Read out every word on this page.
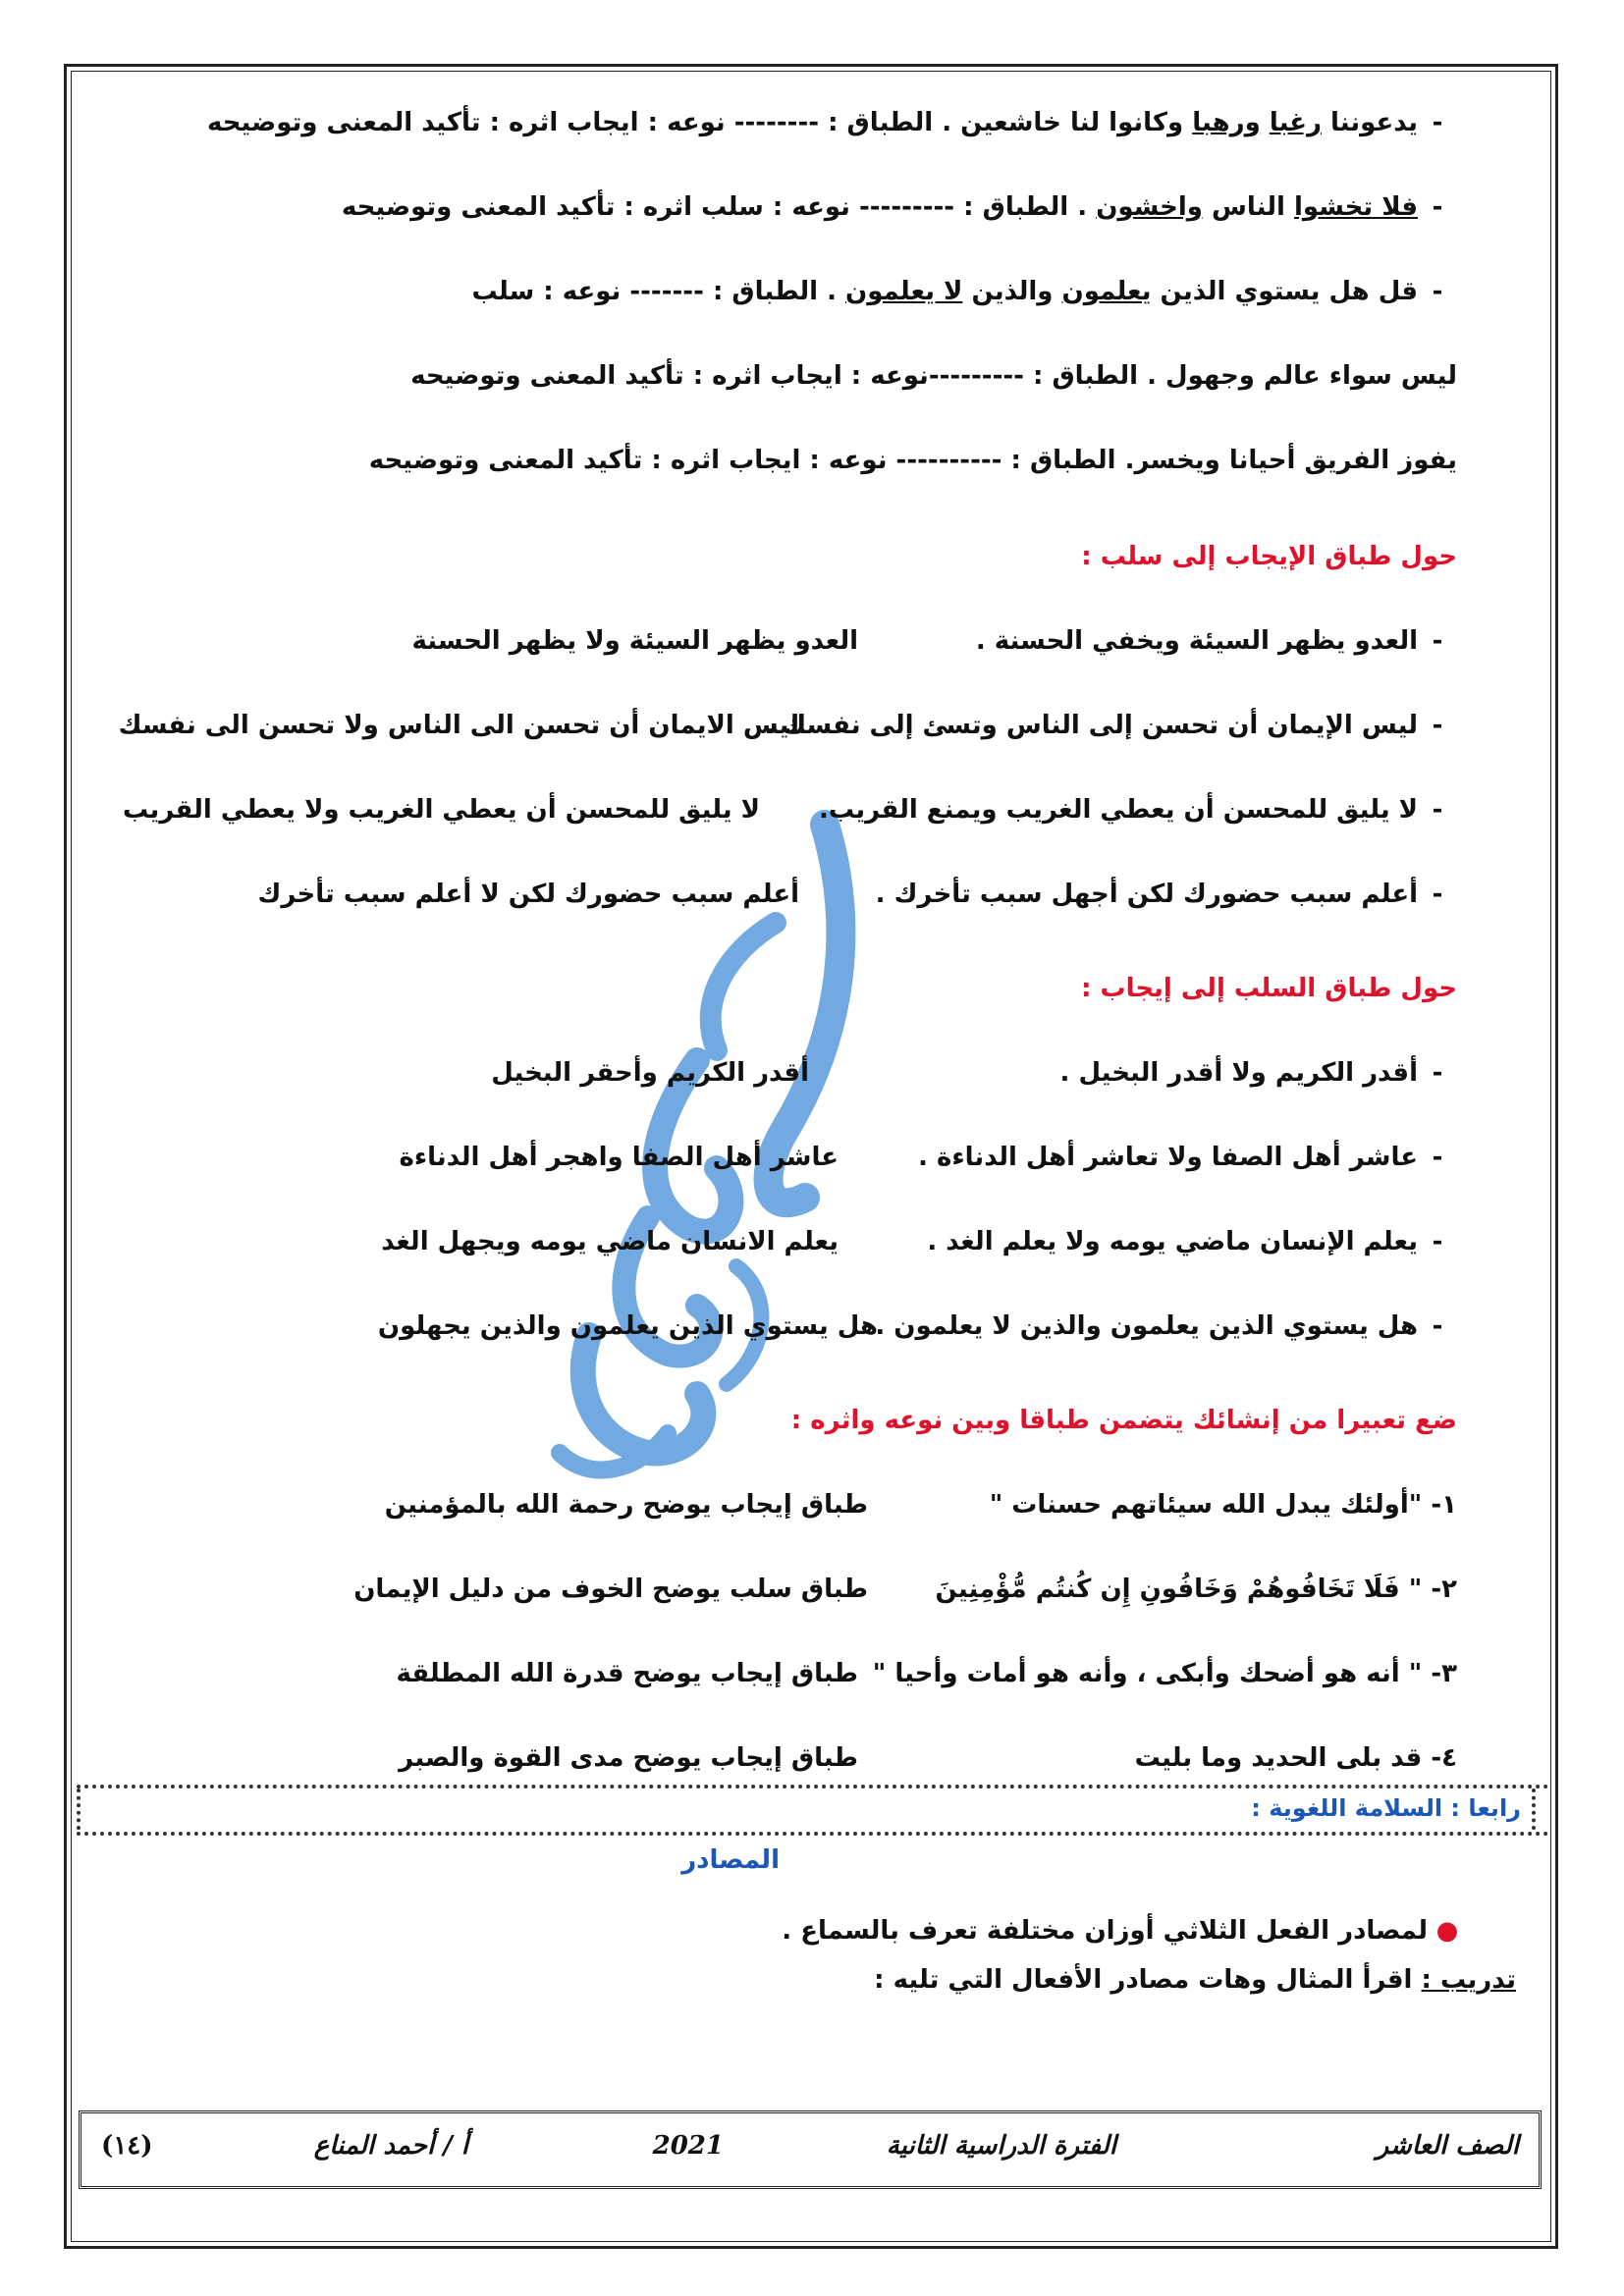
-يدعوننا رغبا ورهبا وكانوا لنا خاشعين . الطباق : -------- نوعه : ايجاب اثره : تأكيد المعنى وتوضيحه
-فلا تخشوا الناس واخشون . الطباق : --------- نوعه : سلب اثره : تأكيد المعنى وتوضيحه
-قل هل يستوي الذين يعلمون والذين لا يعلمون . الطباق : ------- نوعه : سلب
ليس سواء عالم وجهول . الطباق : ---------نوعه : ايجاب اثره : تأكيد المعنى وتوضيحه
يفوز الفريق أحيانا ويخسر. الطباق : ---------- نوعه : ايجاب اثره : تأكيد المعنى وتوضيحه
حول طباق الإيجاب إلى سلب :
-العدو يظهر السيئة ويخفي الحسنة .
العدو يظهر السيئة ولا يظهر الحسنة
-ليس الإيمان أن تحسن إلى الناس وتسئ إلى نفسك .
ليس الايمان أن تحسن الى الناس ولا تحسن الى نفسك
-لا يليق للمحسن أن يعطي الغريب ويمنع القريب.
لا يليق للمحسن أن يعطي الغريب ولا يعطي القريب
-أعلم سبب حضورك لكن أجهل سبب تأخرك .
أعلم سبب حضورك لكن لا أعلم سبب تأخرك
حول طباق السلب إلى إيجاب :
-أقدر الكريم ولا أقدر البخيل .
أقدر الكريم وأحقر البخيل
-عاشر أهل الصفا ولا تعاشر أهل الدناءة .
عاشر أهل الصفا واهجر أهل الدناءة
-يعلم الإنسان ماضي يومه ولا يعلم الغد .
يعلم الانسان ماضي يومه ويجهل الغد
-هل يستوي الذين يعلمون والذين لا يعلمون .
هل يستوي الذين يعلمون والذين يجهلون
ضع تعبيرا من إنشائك يتضمن طباقا وبين نوعه واثره :
١- "أولئك يبدل الله سيئاتهم حسنات "
طباق إيجاب يوضح رحمة الله بالمؤمنين
٢- " فَلَا تَخَافُوهُمْ وَخَافُونِ إِن كُنتُم مُّؤْمِنِينَ
طباق سلب يوضح الخوف من دليل الإيمان
٣- " أنه هو أضحك وأبكى ، وأنه هو أمات وأحيا "
طباق إيجاب يوضح قدرة الله المطلقة
٤- قد بلى الحديد وما بليت
طباق إيجاب يوضح مدى القوة والصبر
رابعا : السلامة اللغوية :
المصادر
●لمصادر الفعل الثلاثي أوزان مختلفة تعرف بالسماع .
تدريب : اقرأ المثال وهات مصادر الأفعال التي تليه :
الصف العاشر
الفترة الدراسية الثانية
2021
أ / أحمد المناع
(١٤)
